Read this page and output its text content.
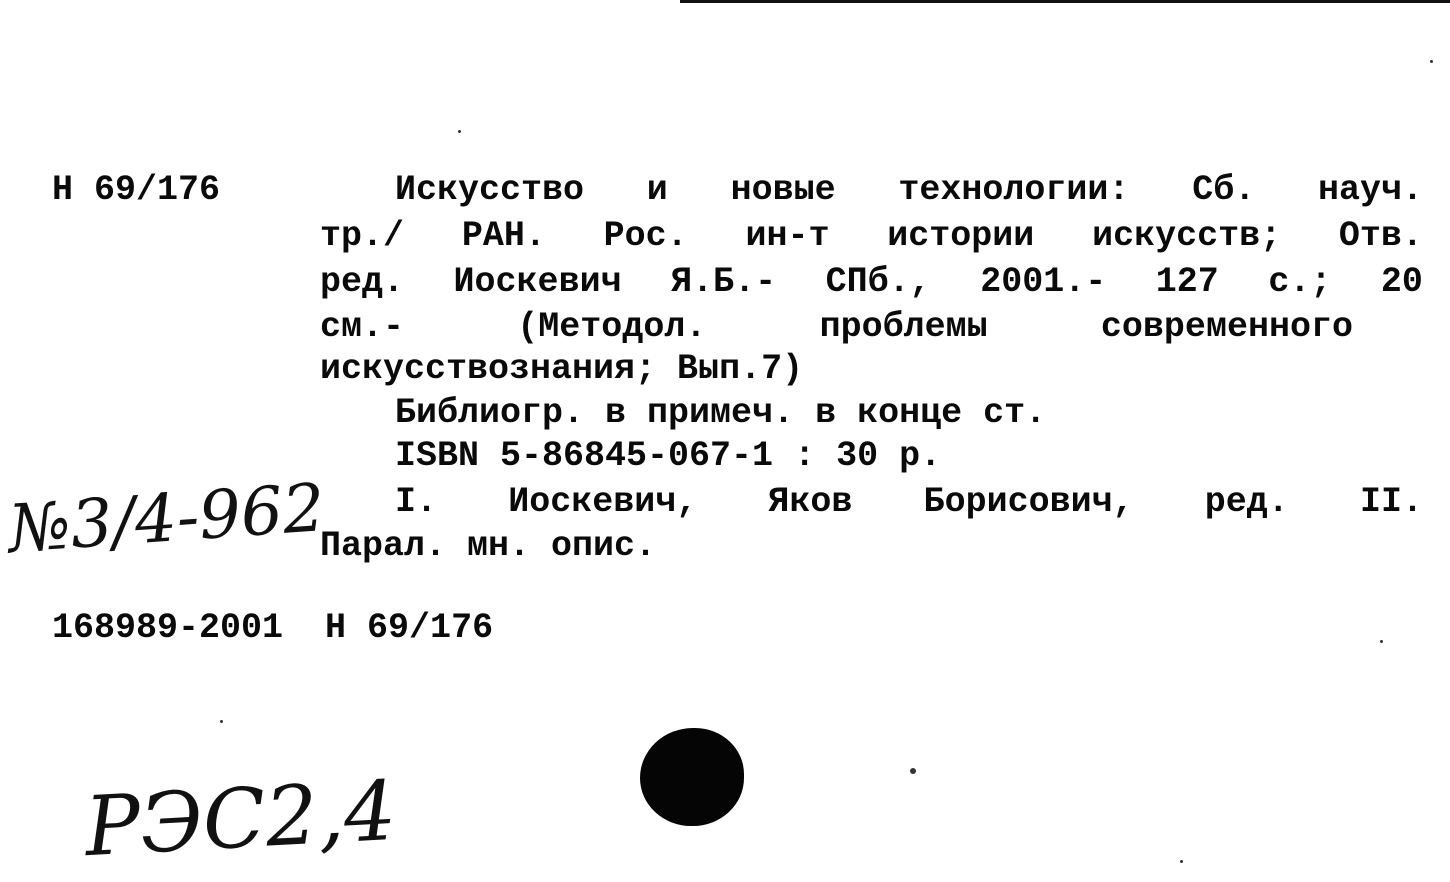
Н 69/176	Искусство и новые технологии: Сб. науч.
тр./ РАН. Рос. ин-т истории искусств; Отв.
ред. Иоскевич Я.Б.- СПб., 2001.- 127 с.; 20
см.-	(Методол.	проблемы	современного
искусствознания; Вып.7)
Библиогр. в примеч. в конце ст.
ISBN 5-86845-067-1 : 30 р.
I. Иоскевич, Яков Борисович, ред. II.
Парал. мн. опис.
168989-2001  Н 69/176
№3/4-962
РЭС2,4
